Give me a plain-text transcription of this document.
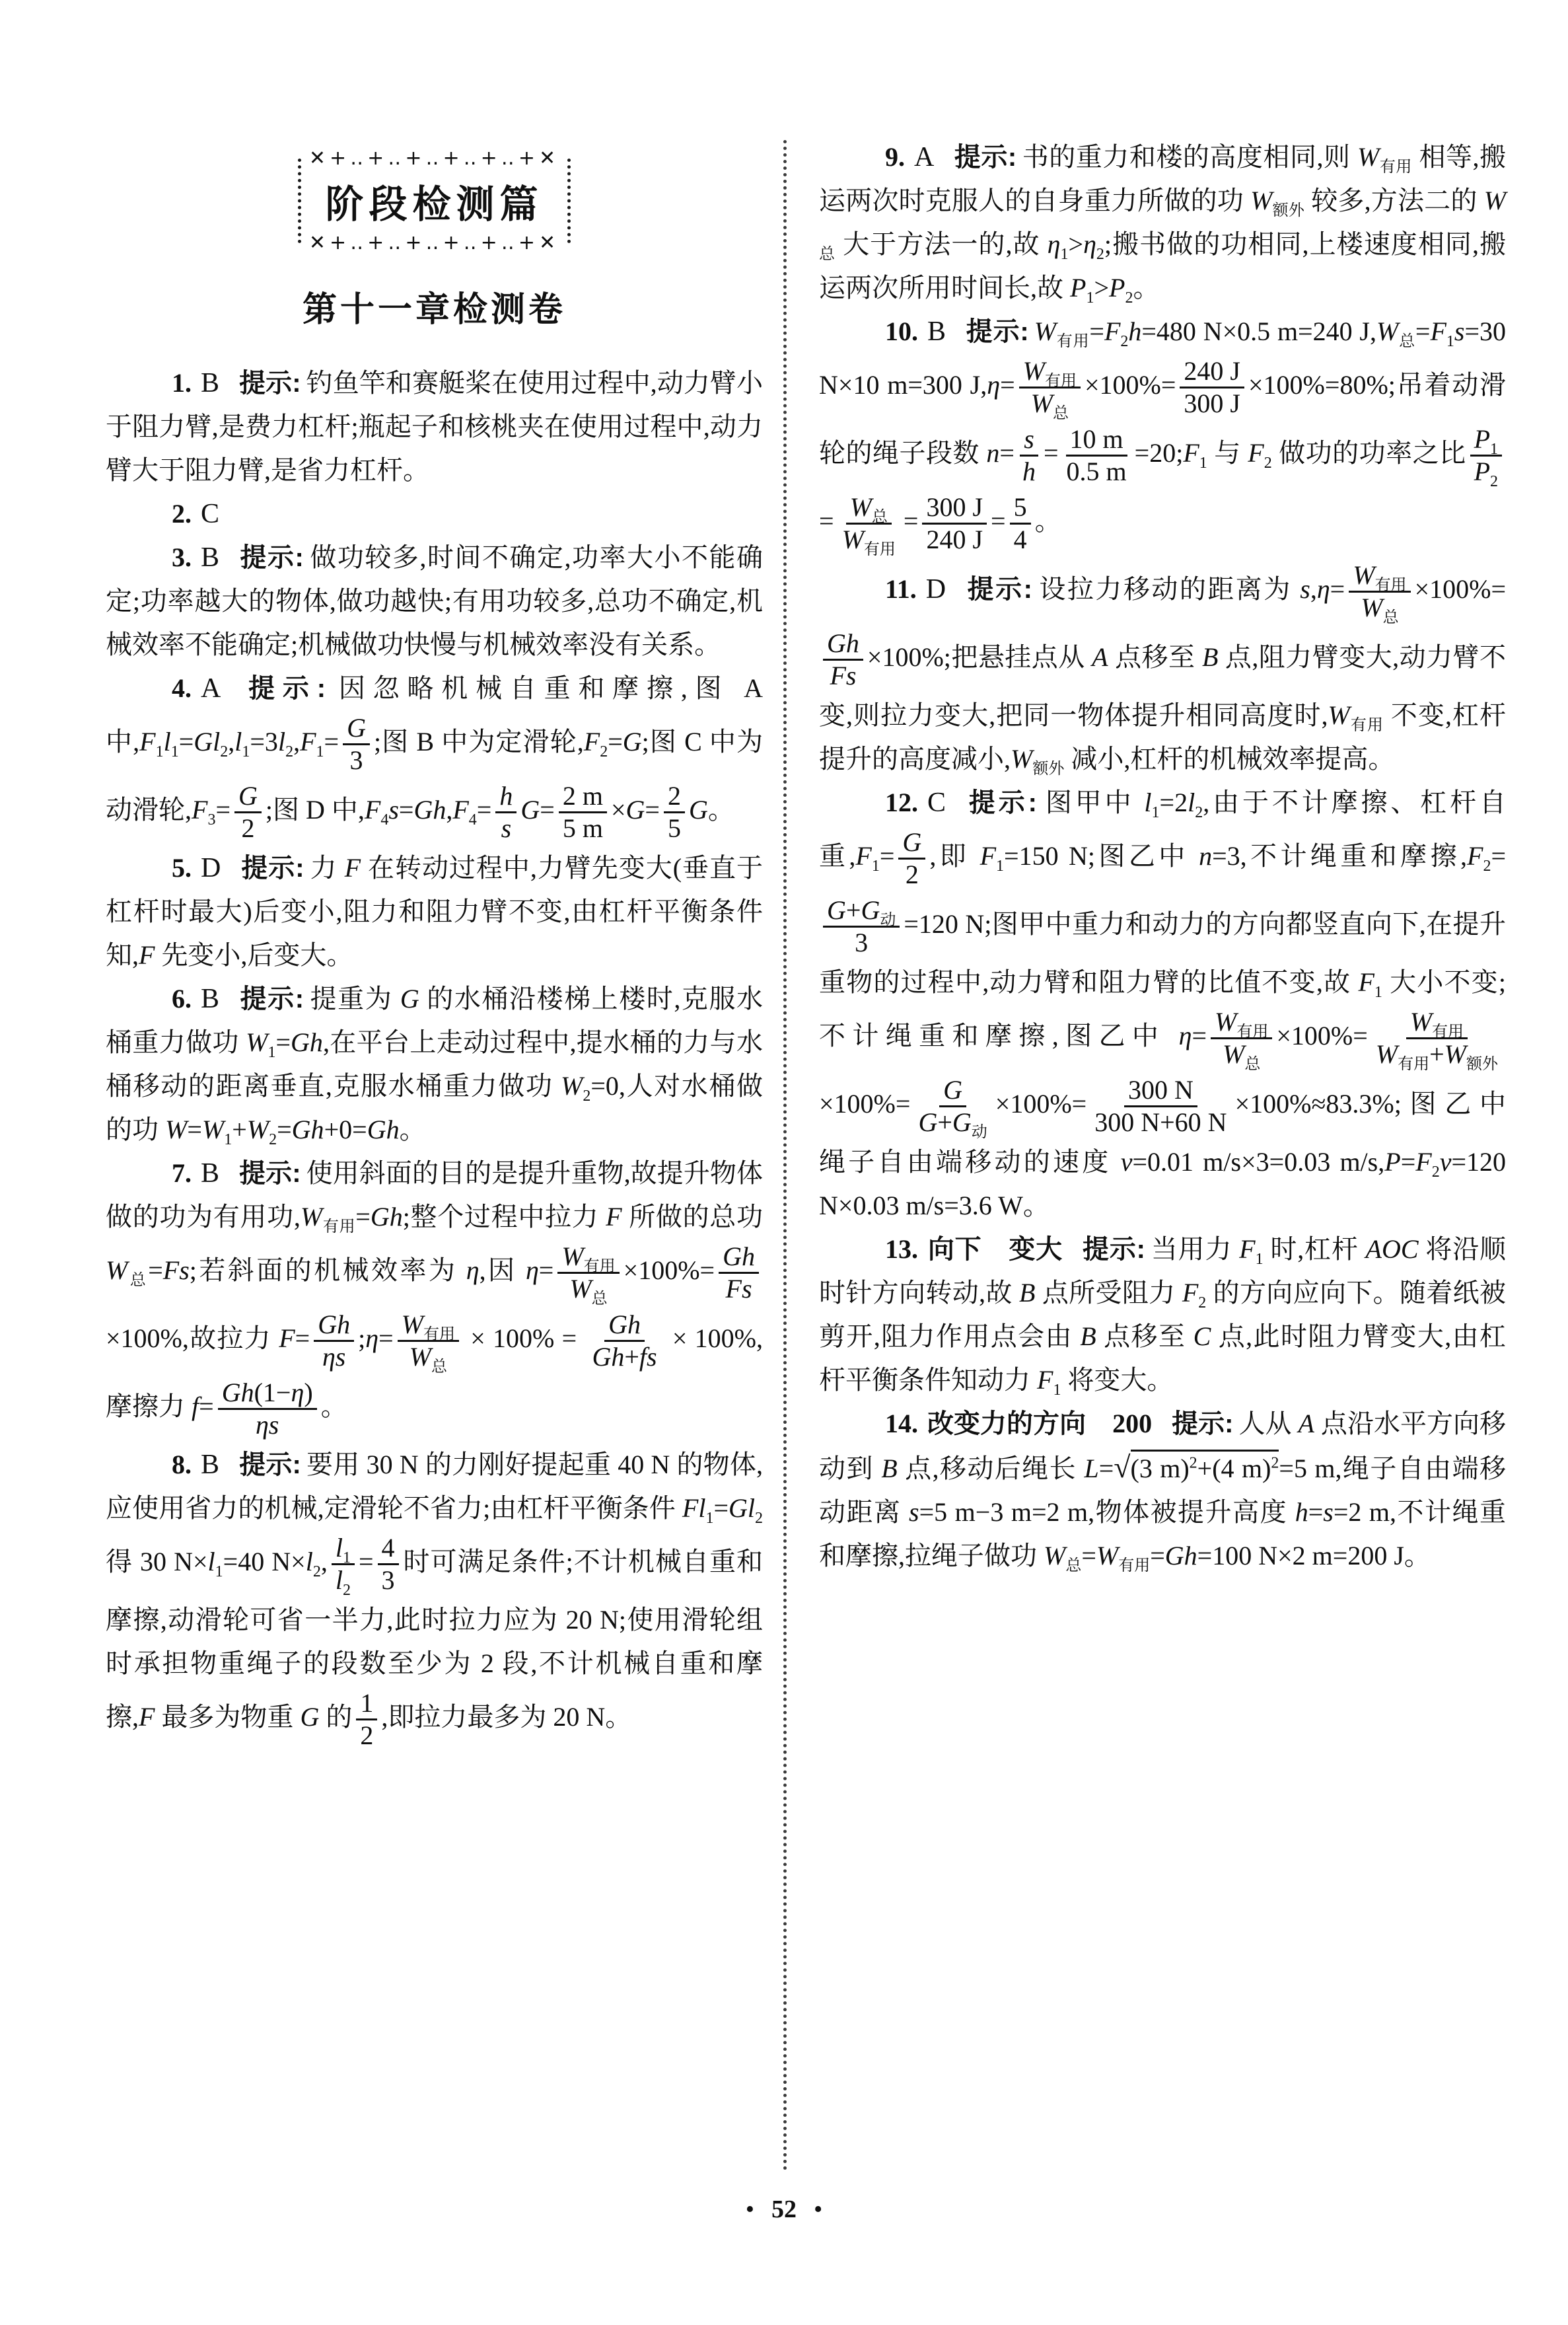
✕+‥+‥+‥+‥+‥+✕
阶段检测篇
✕+‥+‥+‥+‥+‥+✕
第十一章检测卷

1. B 提示: 钓鱼竿和赛艇桨在使用过程中,动力臂小于阻力臂,是费力杠杆;瓶起子和核桃夹在使用过程中,动力臂大于阻力臂,是省力杠杆。

2. C

3. B 提示: 做功较多,时间不确定,功率大小不能确定;功率越大的物体,做功越快;有用功较多,总功不确定,机械效率不能确定;机械做功快慢与机械效率没有关系。

4. A 提示: 因忽略机械自重和摩擦,图 A 中$,F_1l_1=Gl_2,l_1=3l_2,F_1= \frac{G}{3}$ ;图 B 中为定滑轮$,F_2=G$;图 C 中为动滑轮$,F_3= \frac{G}{2}$ ;图 D 中$,F_4s=Gh,F_4= \frac{h}{s} G= \frac{2 m}{5 m} \times G= \frac{2}{5}$ G。

5. D 提示: 力 F 在转动过程中,力臂先变大(垂直于杠杆时最大)后变小,阻力和阻力臂不变,由杠杆平衡条件知,F 先变小,后变大。

6. B 提示: 提重为 G 的水桶沿楼梯上楼时,克服水桶重力做功 $W_1=Gh$,在平台上走动过程中,提水桶的力与水桶移动的距离垂直,克服水桶重力做功 $W_2=0$,人对水桶做的功 $W=W_1+W_2=Gh+0=Gh$。

7. B 提示: 使用斜面的目的是提升重物,故提升物体做的功为有用功$,W_{有用}=Gh$;整个过程中拉力 F 所做的总功 $W_总=Fs$;若斜面的机械效率为 η,因 $\eta= W_{有用}$
$W_总$
$\times 100\%= \frac{Gh}{Fs}$
×100%,故拉力 $F= \frac{Gh}{\eta s}$ ;η= $W_{有用}$
$W_总$
× $100\% = \frac{Gh}{Gh+fs} \times 100\%$,摩擦力 $f= \frac{Gh(1-\eta)}{\eta s}$ 。

8. B 提示: 要用 30 N 的力刚好提起重 40 N 的物体,应使用省力的机械,定滑轮不省力;由杠杆平衡条件 $Fl_1=Gl_2$ 得 30 $N\times l_1=40$ $N\times l_2$, $\frac{l_1}{l_2} = \frac{4}{3}$ 时可满足条件;不计机械自重和摩擦,动滑轮可省一半力,此时拉力应为 20 N;使用滑轮组时承担物重绳子的段数至少为 2 段,不计机械自重和摩擦,F 最多为物重 G 的 $\frac{1}{2}$ ,即拉力最多为 20 N。

9. A 提示: 书的重力和楼的高度相同,则 $W_{有用}$ 相等,搬运两次时克服人的自身重力所做的功 $W_{额外}$ 较多,方法二的 $W_总$ 大于方法一的,故 $\eta_1>\eta_2$;搬书做的功相同,上楼速度相同,搬运两次所用时间长,故 $P_1>P_2$。

10. B 提示: $W_{有用}=F_2h=480$ N×0.5 m=240 $J,W_总=F_1s=30$ N×10 m=300 $J,\eta= W_{有用}$
$W_总$
$\times 100\%= \frac{240 J}{300 J} \times 100\%=80\%$;吊着动滑轮的绳子段数 $n= \frac{s}{h} = \frac{10 m}{0.5 m}$ $=20;F_1$ 与 $F_2$ 做功的功率之比 $\frac{P_1}{P_2}$
= $W_总$
$W_{有用}$
= $\frac{300 J}{240 J} = \frac{5}{4}$ 。

11. D 提示: 设拉力移动的距离为 $s,\eta= W_{有用}$
$W_总$
×100%=
$\frac{Gh}{Fs} \times 100\%$;把悬挂点从 A 点移至 B 点,阻力臂变大,动力臂不变,则拉力变大,把同一物体提升相同高度时$,W_{有用}$ 不变,杠杆提升的高度减小$,W_{额外}$ 减小,杠杆的机械效率提高。

12. C 提示: 图甲中 $l_1=2l_2$,由于不计摩擦、杠杆自重$,F_1= \frac{G}{2}$ ,即 $F_1=150$ N;图乙中 n=3,不计绳重和摩擦$,F_2=$
$G+G_动$
3
=120 N;图甲中重力和动力的方向都竖直向下,在提升重物的过程中,动力臂和阻力臂的比值不变,故 $F_1$ 大小不变;不计绳重和摩擦,图乙中 $\eta= W_{有用}$
$W_总$
$\times 100\%= W_{有用}$
$W_{有用}+W_{额外}$
×100%= G
$G+G_动$
$\times 100\%= \frac{300 N}{300 N+60 N} \times 100\%\approx 83.3\%$;图乙中绳子自由端移动的速度 v=0.01 m/s×3=0.03 $m/s,P=F_2v=120$ N×0.03 m/s=3.6 W。

13. 向下 变大 提示: 当用力 $F_1$ 时,杠杆 AOC 将沿顺时针方向转动,故 B 点所受阻力 $F_2$ 的方向应向下。随着纸被剪开,阻力作用点会由 B 点移至 C 点,此时阻力臂变大,由杠杆平衡条件知动力 $F_1$ 将变大。

14. 改变力的方向 200 提示: 人从 A 点沿水平方向移动到 B 点,移动后绳长 L=√(3 m)$^2$+(4 m)$^2$=5 m,绳子自由端移动距离 s=5 m−3 m=2 m,物体被提升高度 h=s=2 m,不计绳重和摩擦,拉绳子做功 $W_总=W_{有用}=Gh=100$ N×2 m=200 J。

• 52 •
